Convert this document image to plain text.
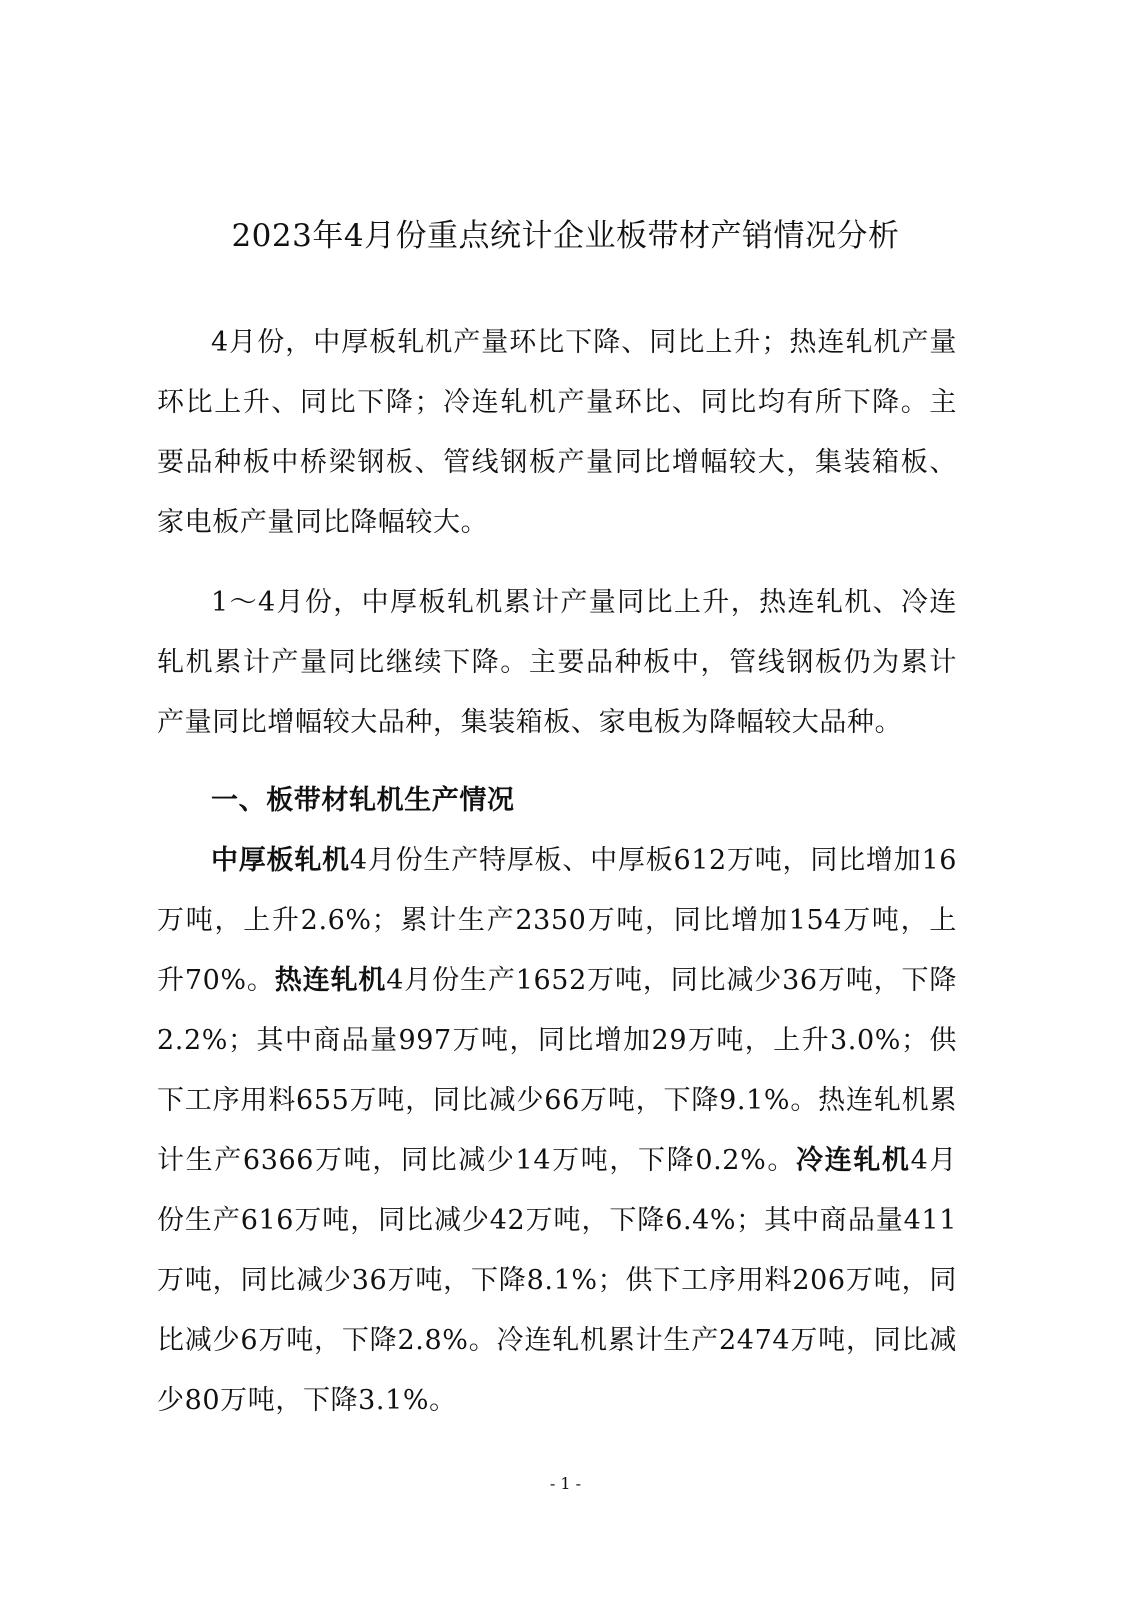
2023年4月份重点统计企业板带材产销情况分析

4月份，中厚板轧机产量环比下降、同比上升；热连轧机产量环比上升、同比下降；冷连轧机产量环比、同比均有所下降。主要品种板中桥梁钢板、管线钢板产量同比增幅较大，集装箱板、家电板产量同比降幅较大。

1～4月份，中厚板轧机累计产量同比上升，热连轧机、冷连轧机累计产量同比继续下降。主要品种板中，管线钢板仍为累计产量同比增幅较大品种，集装箱板、家电板为降幅较大品种。

一、板带材轧机生产情况

中厚板轧机4月份生产特厚板、中厚板612万吨，同比增加16万吨，上升2.6%；累计生产2350万吨，同比增加154万吨，上升70%。热连轧机4月份生产1652万吨，同比减少36万吨，下降2.2%；其中商品量997万吨，同比增加29万吨，上升3.0%；供下工序用料655万吨，同比减少66万吨，下降9.1%。热连轧机累计生产6366万吨，同比减少14万吨，下降0.2%。冷连轧机4月份生产616万吨，同比减少42万吨，下降6.4%；其中商品量411万吨，同比减少36万吨，下降8.1%；供下工序用料206万吨，同比减少6万吨，下降2.8%。冷连轧机累计生产2474万吨，同比减少80万吨，下降3.1%。

- 1 -
